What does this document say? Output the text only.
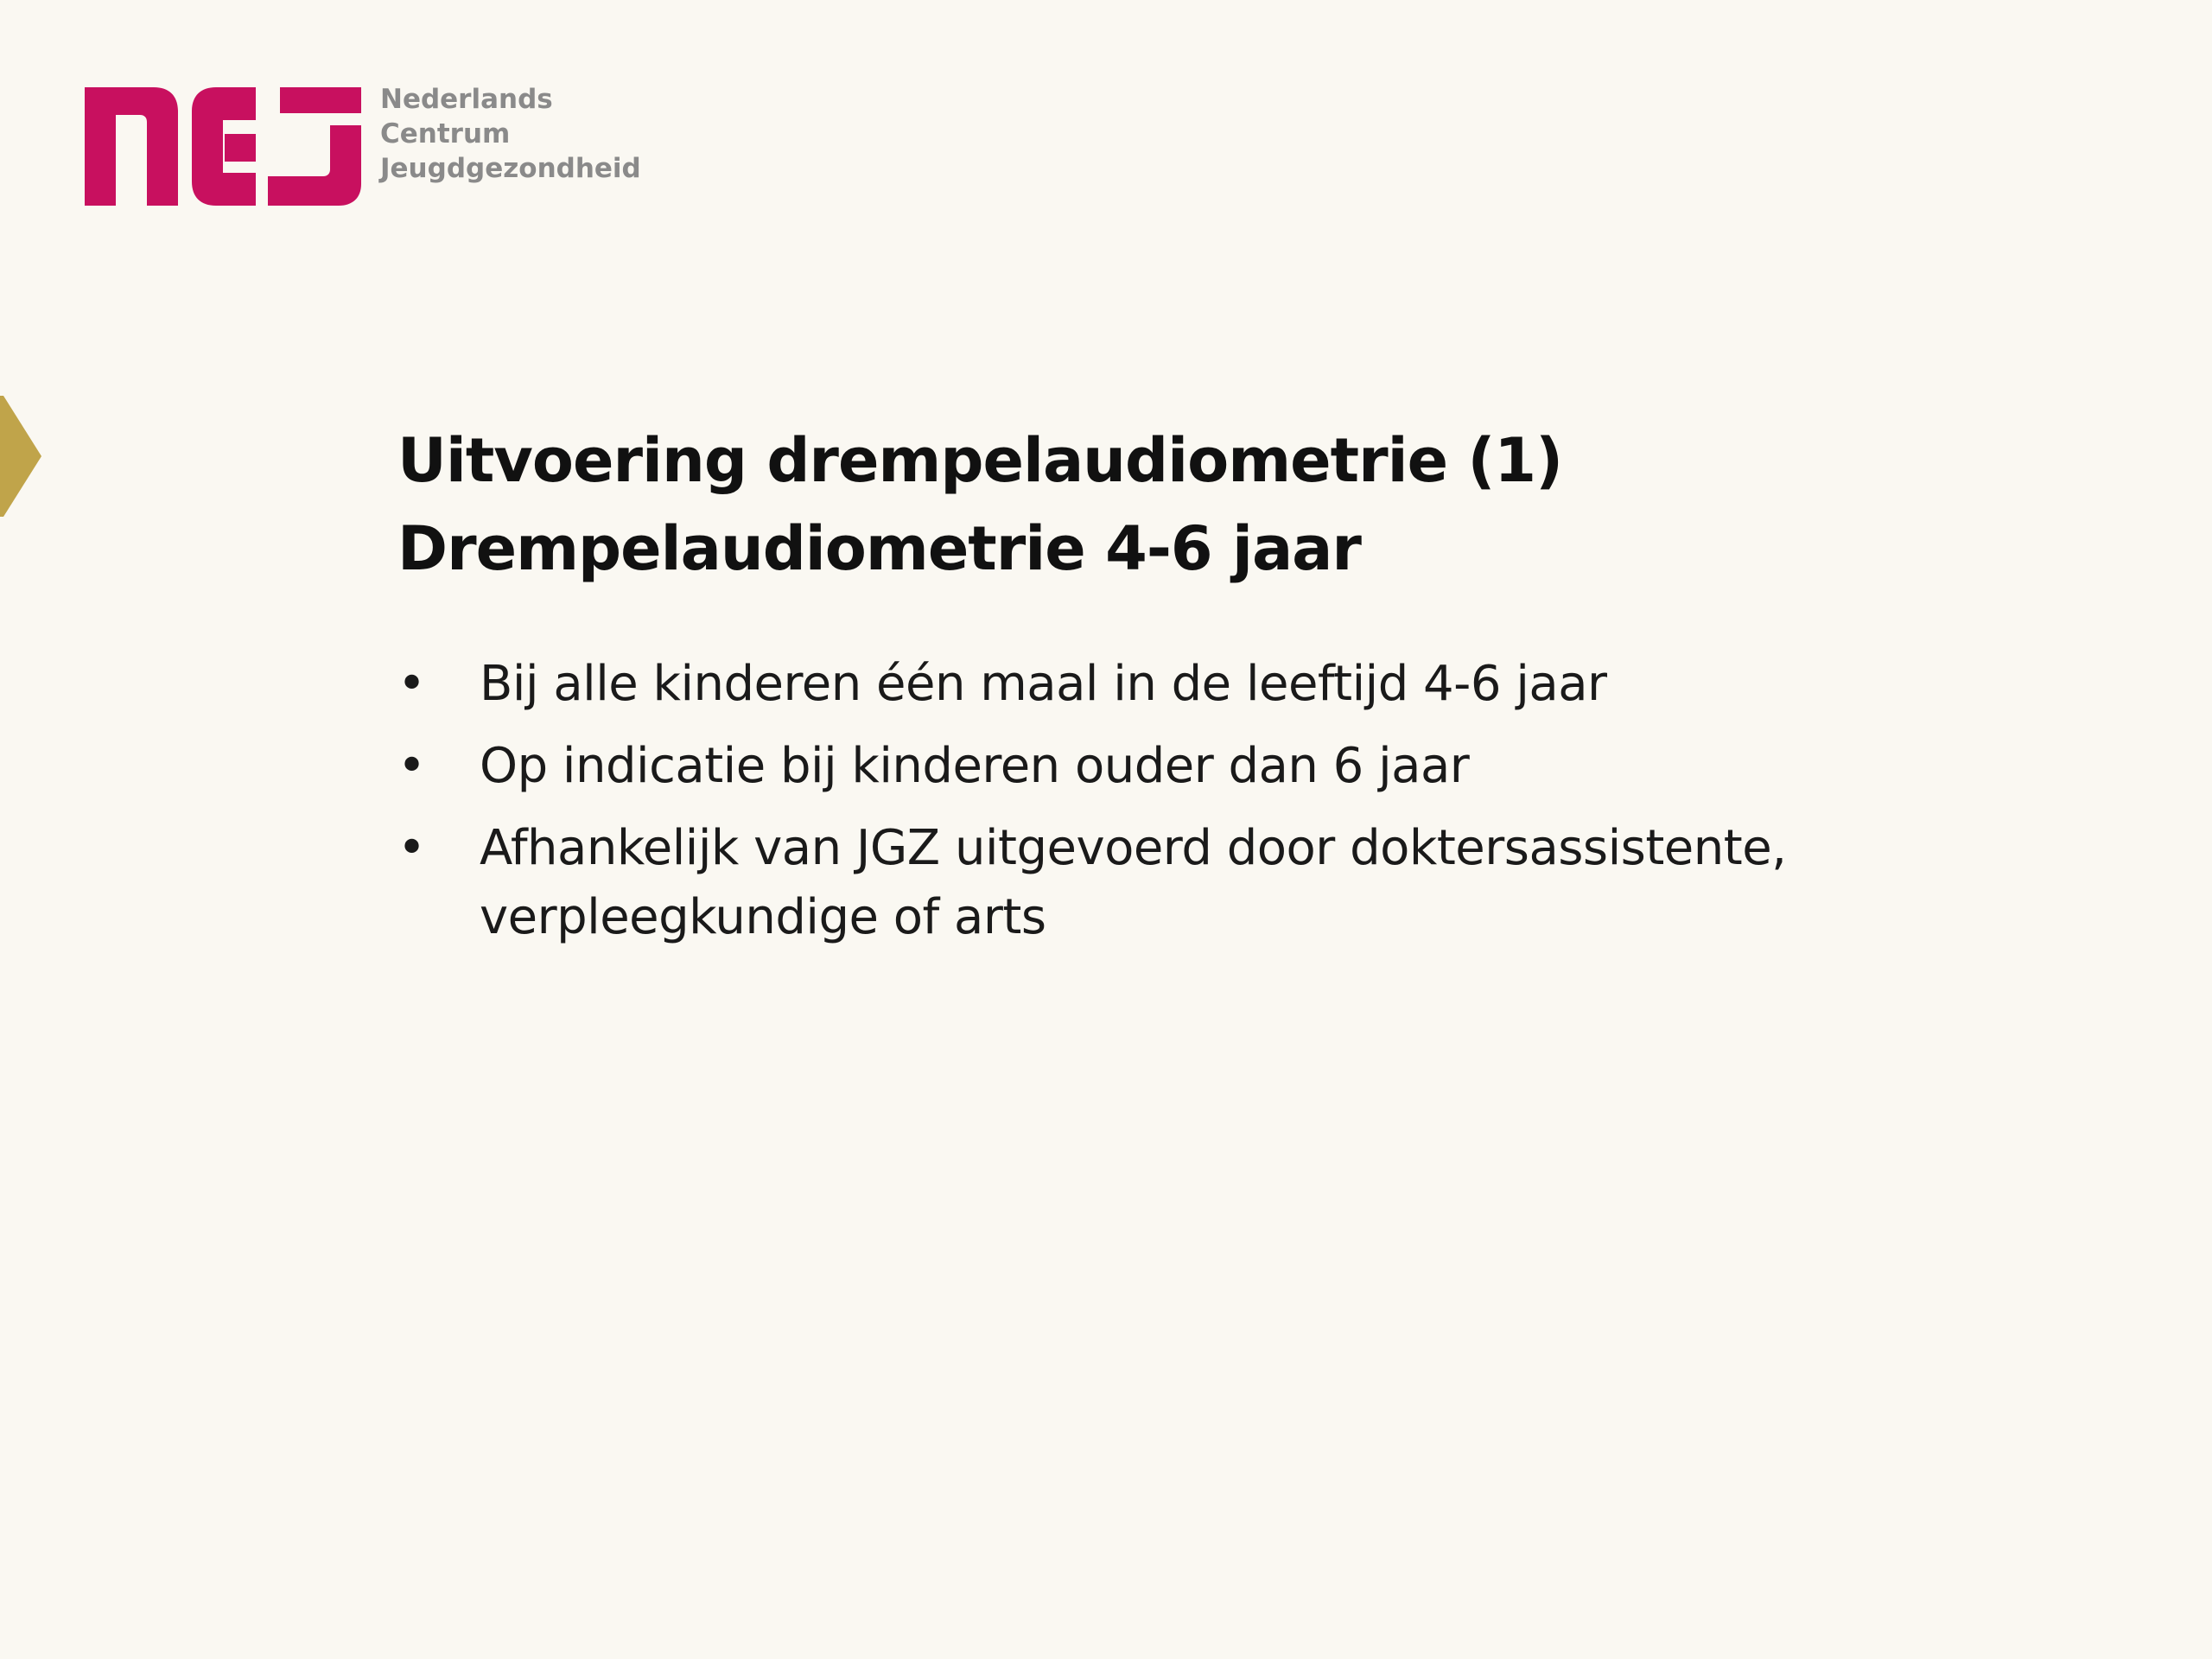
Nederlands
Centrum
Jeugdgezondheid
Uitvoering drempelaudiometrie (1)
Drempelaudiometrie 4-6 jaar
• Bij alle kinderen één maal in de leeftijd 4-6 jaar
• Op indicatie bij kinderen ouder dan 6 jaar
• Afhankelijk van JGZ uitgevoerd door doktersassistente,
verpleegkundige of arts
